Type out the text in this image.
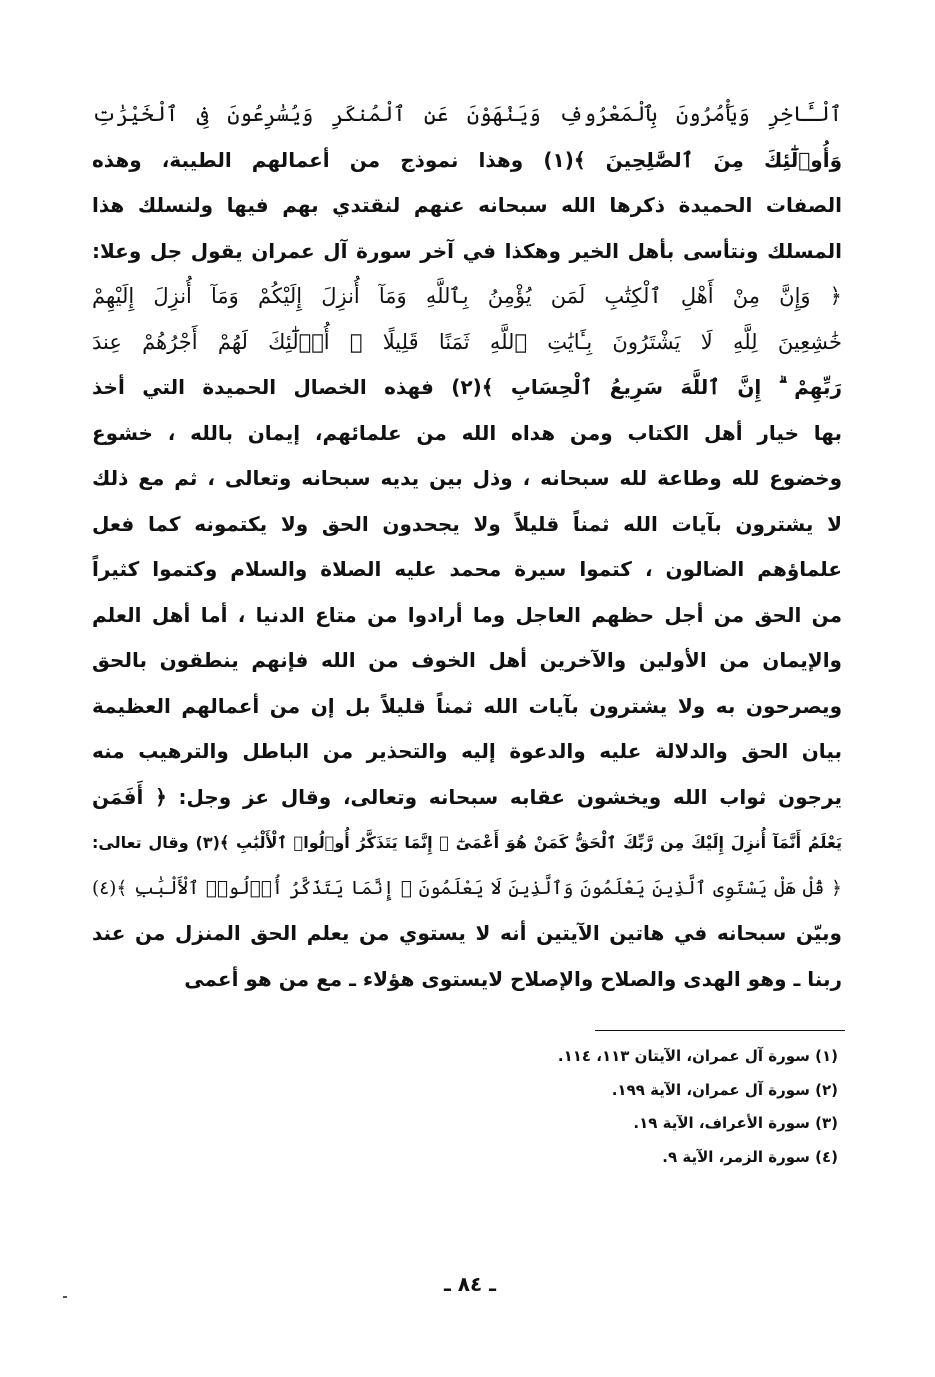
ٱلْـَٔاخِرِ وَيَأْمُرُونَ بِٱلْمَعْرُوفِ وَيَنْهَوْنَ عَنِ ٱلْمُنكَرِ وَيُسَٰرِعُونَ فِى ٱلْخَيْرَٰتِ
وَأُو۟لَٰٓئِكَ مِنَ ٱلصَّٰلِحِينَ ﴾(١) وهذا نموذج من أعمالهم الطيبة، وهذه
الصفات الحميدة ذكرها الله سبحانه عنهم لنقتدي بهم فيها ولنسلك هذا
المسلك ونتأسى بأهل الخير وهكذا في آخر سورة آل عمران يقول جل وعلا:
﴿ وَإِنَّ مِنْ أَهْلِ ٱلْكِتَٰبِ لَمَن يُؤْمِنُ بِٱللَّهِ وَمَآ أُنزِلَ إِلَيْكُمْ وَمَآ أُنزِلَ إِلَيْهِمْ
خَٰشِعِينَ لِلَّهِ لَا يَشْتَرُونَ بِـَٔايَٰتِ ٱللَّهِ ثَمَنًا قَلِيلًا ۗ أُو۟لَٰٓئِكَ لَهُمْ أَجْرُهُمْ عِندَ
رَبِّهِمْ ۗ إِنَّ ٱللَّهَ سَرِيعُ ٱلْحِسَابِ ﴾(٢) فهذه الخصال الحميدة التي أخذ
بها خيار أهل الكتاب ومن هداه الله من علمائهم، إيمان بالله ، خشوع
وخضوع لله وطاعة لله سبحانه ، وذل بين يديه سبحانه وتعالى ، ثم مع ذلك
لا يشترون بآيات الله ثمناً قليلاً ولا يجحدون الحق ولا يكتمونه كما فعل
علماؤهم الضالون ، كتموا سيرة محمد عليه الصلاة والسلام وكتموا كثيراً
من الحق من أجل حظهم العاجل وما أرادوا من متاع الدنيا ، أما أهل العلم
والإيمان من الأولين والآخرين أهل الخوف من الله فإنهم ينطقون بالحق
ويصرحون به ولا يشترون بآيات الله ثمناً قليلاً بل إن من أعمالهم العظيمة
بيان الحق والدلالة عليه والدعوة إليه والتحذير من الباطل والترهيب منه
يرجون ثواب الله ويخشون عقابه سبحانه وتعالى، وقال عز وجل: ﴿ أَفَمَن
يَعْلَمُ أَنَّمَآ أُنزِلَ إِلَيْكَ مِن رَّبِّكَ ٱلْحَقُّ كَمَنْ هُوَ أَعْمَىٰٓ ۚ إِنَّمَا يَتَذَكَّرُ أُو۟لُوا۟ ٱلْأَلْبَٰبِ ﴾(٣) وقال تعالى:
﴿ قُلْ هَلْ يَسْتَوِى ٱلَّذِينَ يَعْلَمُونَ وَٱلَّذِينَ لَا يَعْلَمُونَ ۗ إِنَّمَا يَتَذَكَّرُ أُو۟لُوا۟ ٱلْأَلْبَٰبِ ﴾(٤)
وبيّن سبحانه في هاتين الآيتين أنه لا يستوي من يعلم الحق المنزل من عند
ربنا ـ وهو الهدى والصلاح والإصلاح لايستوى هؤلاء ـ مع من هو أعمى
(١) سورة آل عمران، الآيتان ١١٣، ١١٤.
(٢) سورة آل عمران، الآية ١٩٩.
(٣) سورة الأعراف، الآية ١٩.
(٤) سورة الزمر، الآية ٩.
ـ ٨٤ ـ
